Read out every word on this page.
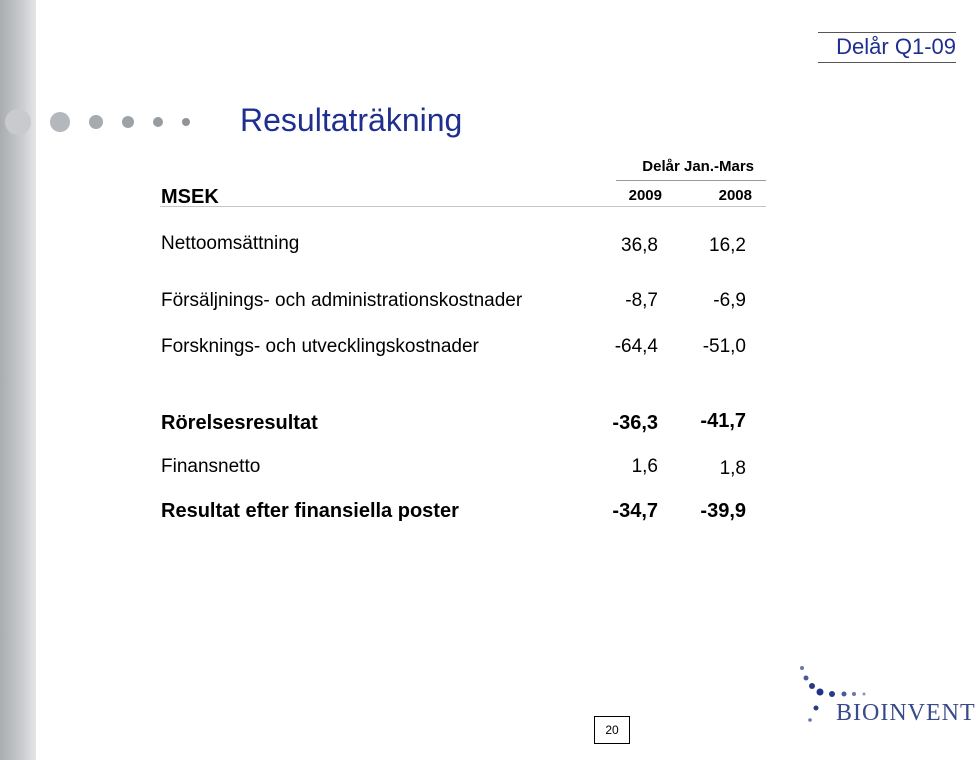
Delår Q1-09
Resultaträkning
Delår Jan.-Mars
MSEK	2009	2008
Nettoomsättning	36,8	16,2
Försäljnings- och administrationskostnader	-8,7	-6,9
Forsknings- och utvecklingskostnader	-64,4	-51,0
Rörelsesresultat	-36,3	-41,7
Finansnetto	1,6	1,8
Resultat efter finansiella poster	-34,7	-39,9
20
BIOINVENT
